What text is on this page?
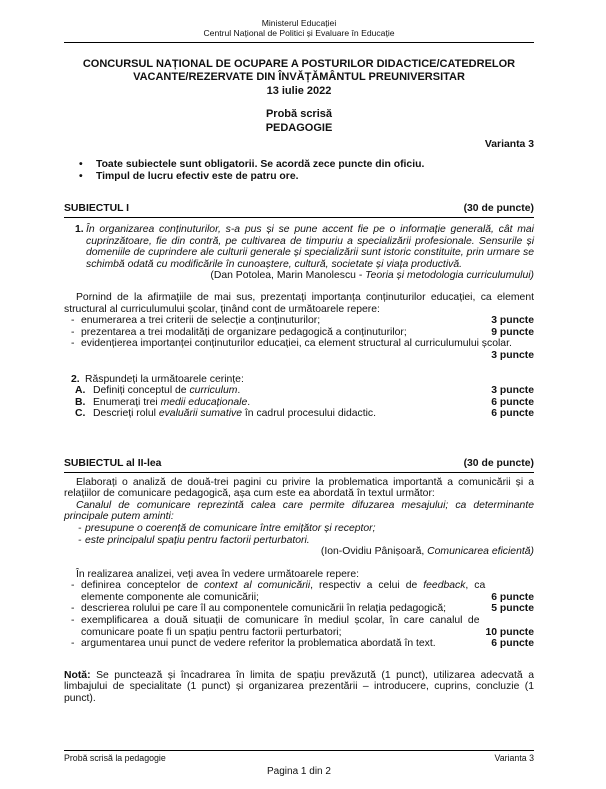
Ministerul Educației
Centrul Național de Politici și Evaluare în Educație
CONCURSUL NAȚIONAL DE OCUPARE A POSTURILOR DIDACTICE/CATEDRELOR
VACANTE/REZERVATE DIN ÎNVĂȚĂMÂNTUL PREUNIVERSITAR
13 iulie 2022
Probă scrisă
PEDAGOGIE
Varianta 3
•	Toate subiectele sunt obligatorii. Se acordă zece puncte din oficiu.
•	Timpul de lucru efectiv este de patru ore.
SUBIECTUL I	(30 de puncte)
1. În organizarea conținuturilor, s-a pus și se pune accent fie pe o informație generală, cât mai cuprinzătoare, fie din contră, pe cultivarea de timpuriu a specializării profesionale. Sensurile și domeniile de cuprindere ale culturii generale și specializării sunt istoric constituite, prin urmare se schimbă odată cu modificările în cunoaștere, cultură, societate și viața productivă.
(Dan Potolea, Marin Manolescu - Teoria și metodologia curriculumului)
Pornind de la afirmațiile de mai sus, prezentați importanța conținuturilor educației, ca element structural al curriculumului școlar, ținând cont de următoarele repere:
- enumerarea a trei criterii de selecție a conținuturilor;	3 puncte
- prezentarea a trei modalități de organizare pedagogică a conținuturilor;	9 puncte
- evidențierea importanței conținuturilor educației, ca element structural al curriculumului școlar.
3 puncte
2. Răspundeți la următoarele cerințe:
A. Definiți conceptul de curriculum.	3 puncte
B. Enumerați trei medii educaționale.	6 puncte
C. Descrieți rolul evaluării sumative în cadrul procesului didactic.	6 puncte
SUBIECTUL al II-lea	(30 de puncte)
Elaborați o analiză de două-trei pagini cu privire la problematica importantă a comunicării și a relațiilor de comunicare pedagogică, așa cum este ea abordată în textul următor:
Canalul de comunicare reprezintă calea care permite difuzarea mesajului; ca determinante principale putem aminti:
- presupune o coerență de comunicare între emițător și receptor;
- este principalul spațiu pentru factorii perturbatori.
(Ion-Ovidiu Pânișoară, Comunicarea eficientă)
În realizarea analizei, veți avea în vedere următoarele repere:
- definirea conceptelor de context al comunicării, respectiv a celui de feedback, ca elemente componente ale comunicării;	6 puncte
- descrierea rolului pe care îl au componentele comunicării în relația pedagogică;	5 puncte
- exemplificarea a două situații de comunicare în mediul școlar, în care canalul de comunicare poate fi un spațiu pentru factorii perturbatori;	10 puncte
- argumentarea unui punct de vedere referitor la problematica abordată în text.	6 puncte
Notă: Se punctează și încadrarea în limita de spațiu prevăzută (1 punct), utilizarea adecvată a limbajului de specialitate (1 punct) și organizarea prezentării – introducere, cuprins, concluzie (1 punct).
Probă scrisă la pedagogie	Varianta 3
Pagina 1 din 2
